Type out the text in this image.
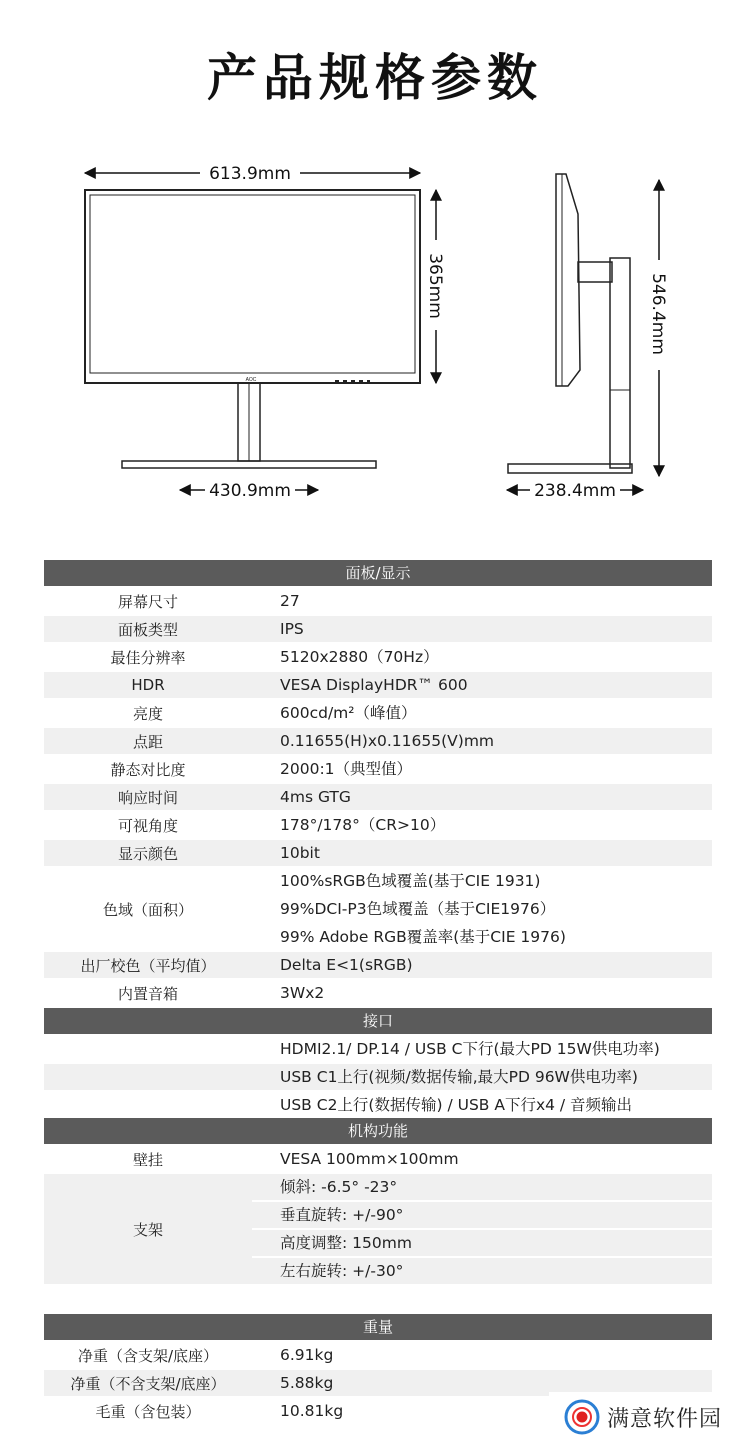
产品规格参数
AOC
613.9mm
365mm	546.4mm
430.9mm	238.4mm
面板/显示
屏幕尺寸	27
面板类型	IPS
最佳分辨率	5120x2880（70Hz）
HDR	VESA DisplayHDR™ 600
亮度	600cd/m²（峰值）
点距	0.11655(H)x0.11655(V)mm
静态对比度	2000:1（典型值）
响应时间	4ms GTG
可视角度	178°/178°（CR>10）
显示颜色	10bit
色域（面积）
100%sRGB色域覆盖(基于CIE 1931)
99%DCI-P3色域覆盖（基于CIE1976）
99% Adobe RGB覆盖率(基于CIE 1976)
出厂校色（平均值）	Delta E<1(sRGB)
内置音箱	3Wx2
接口
HDMI2.1/ DP.14 / USB C下行(最大PD 15W供电功率)
USB C1上行(视频/数据传输,最大PD 96W供电功率)
USB C2上行(数据传输) / USB A下行x4 / 音频输出
机构功能
壁挂	VESA 100mm×100mm
支架
倾斜: -6.5° -23°
垂直旋转: +/-90°
高度调整: 150mm
左右旋转: +/-30°
重量
净重（含支架/底座）	6.91kg
净重（不含支架/底座）	5.88kg
毛重（含包装）	10.81kg	满意软件园
